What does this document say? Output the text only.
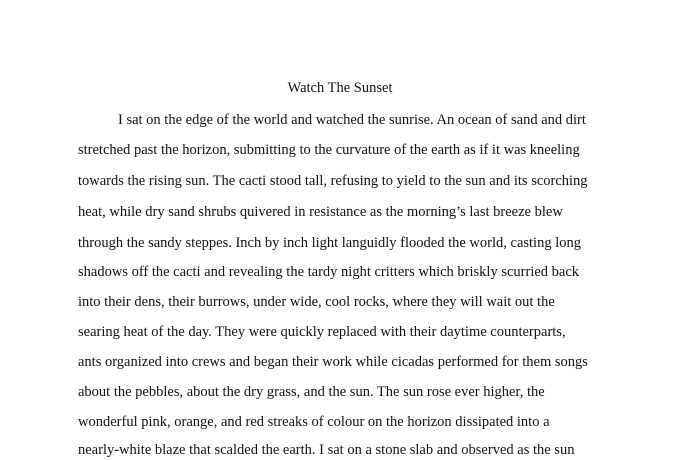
Watch The Sunset

I sat on the edge of the world and watched the sunrise. An ocean of sand and dirt

stretched past the horizon, submitting to the curvature of the earth as if it was kneeling

towards the rising sun. The cacti stood tall, refusing to yield to the sun and its scorching

heat, while dry sand shrubs quivered in resistance as the morning’s last breeze blew

through the sandy steppes. Inch by inch light languidly flooded the world, casting long

shadows off the cacti and revealing the tardy night critters which briskly scurried back

into their dens, their burrows, under wide, cool rocks, where they will wait out the

searing heat of the day. They were quickly replaced with their daytime counterparts,

ants organized into crews and began their work while cicadas performed for them songs

about the pebbles, about the dry grass, and the sun. The sun rose ever higher, the

wonderful pink, orange, and red streaks of colour on the horizon dissipated into a

nearly-white blaze that scalded the earth. I sat on a stone slab and observed as the sun
